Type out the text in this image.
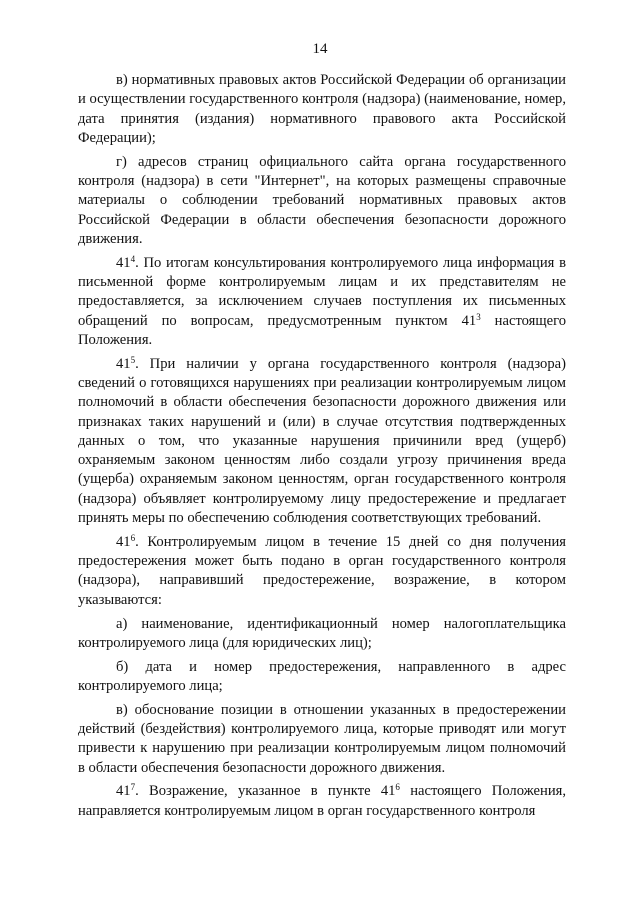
14

в) нормативных правовых актов Российской Федерации об организации и осуществлении государственного контроля (надзора) (наименование, номер, дата принятия (издания) нормативного правового акта Российской Федерации);

г) адресов страниц официального сайта органа государственного контроля (надзора) в сети "Интернет", на которых размещены справочные материалы о соблюдении требований нормативных правовых актов Российской Федерации в области обеспечения безопасности дорожного движения.

$41^4$. По итогам консультирования контролируемого лица информация в письменной форме контролируемым лицам и их представителям не предоставляется, за исключением случаев поступления их письменных обращений по вопросам, предусмотренным пунктом $41^3$ настоящего Положения.

$41^5$. При наличии у органа государственного контроля (надзора) сведений о готовящихся нарушениях при реализации контролируемым лицом полномочий в области обеспечения безопасности дорожного движения или признаках таких нарушений и (или) в случае отсутствия подтвержденных данных о том, что указанные нарушения причинили вред (ущерб) охраняемым законом ценностям либо создали угрозу причинения вреда (ущерба) охраняемым законом ценностям, орган государственного контроля (надзора) объявляет контролируемому лицу предостережение и предлагает принять меры по обеспечению соблюдения соответствующих требований.

$41^6$. Контролируемым лицом в течение 15 дней со дня получения предостережения может быть подано в орган государственного контроля (надзора), направивший предостережение, возражение, в котором указываются:

а) наименование, идентификационный номер налогоплательщика контролируемого лица (для юридических лиц);

б) дата и номер предостережения, направленного в адрес контролируемого лица;

в) обоснование позиции в отношении указанных в предостережении действий (бездействия) контролируемого лица, которые приводят или могут привести к нарушению при реализации контролируемым лицом полномочий в области обеспечения безопасности дорожного движения.

$41^7$. Возражение, указанное в пункте $41^6$ настоящего Положения, направляется контролируемым лицом в орган государственного контроля
